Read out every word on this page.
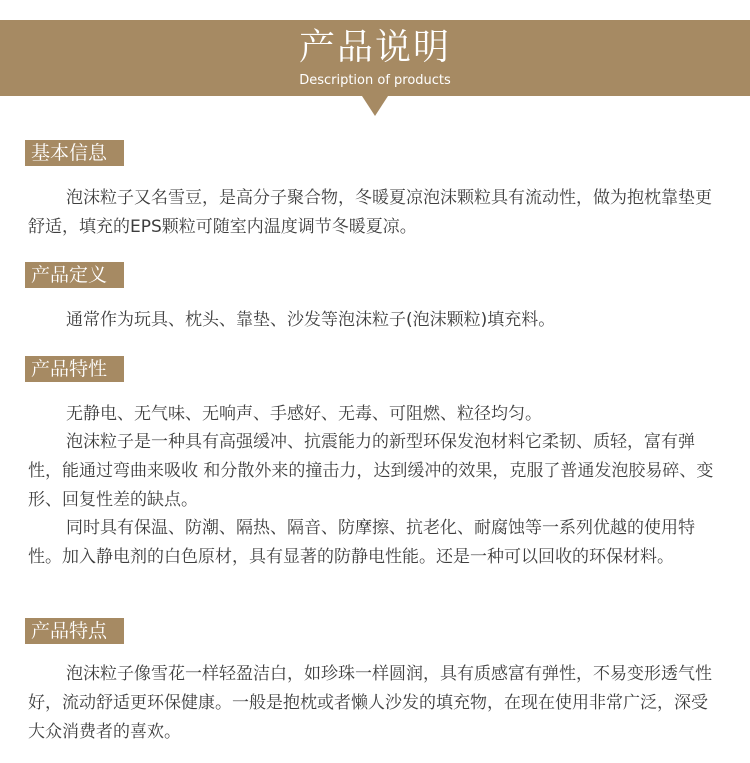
产品说明
Description of products
基本信息
泡沫粒子又名雪豆，是高分子聚合物，冬暖夏凉泡沫颗粒具有流动性，做为抱枕靠垫更舒适，填充的EPS颗粒可随室内温度调节冬暖夏凉。
产品定义
通常作为玩具、枕头、靠垫、沙发等泡沫粒子(泡沫颗粒)填充料。
产品特性
无静电、无气味、无响声、手感好、无毒、可阻燃、粒径均匀。
泡沫粒子是一种具有高强缓冲、抗震能力的新型环保发泡材料它柔韧、质轻，富有弹性，能通过弯曲来吸收 和分散外来的撞击力，达到缓冲的效果，克服了普通发泡胶易碎、变形、回复性差的缺点。
同时具有保温、防潮、隔热、隔音、防摩擦、抗老化、耐腐蚀等一系列优越的使用特性。加入静电剂的白色原材，具有显著的防静电性能。还是一种可以回收的环保材料。
产品特点
泡沫粒子像雪花一样轻盈洁白，如珍珠一样圆润，具有质感富有弹性，不易变形透气性好，流动舒适更环保健康。一般是抱枕或者懒人沙发的填充物，在现在使用非常广泛，深受大众消费者的喜欢。
